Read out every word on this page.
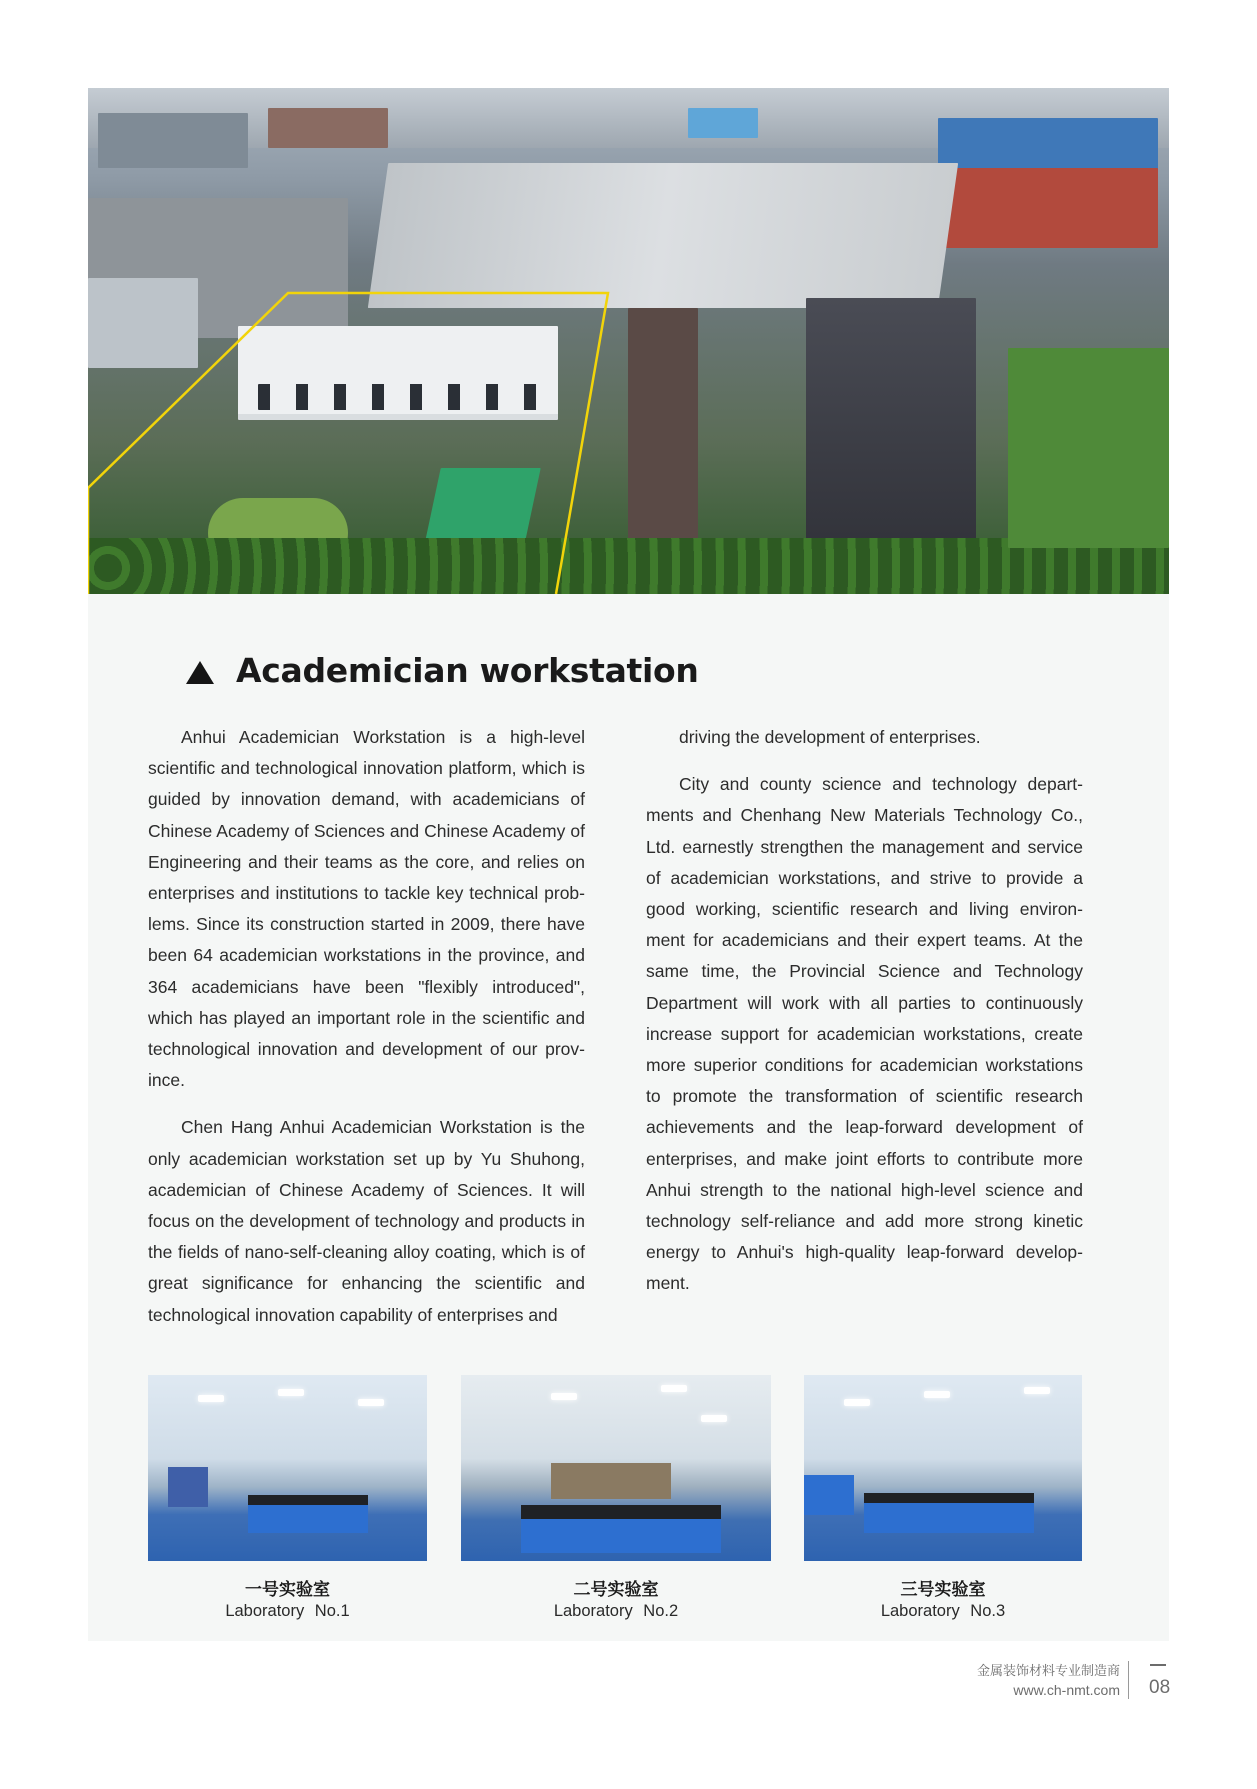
Academician workstation

Anhui Academician Workstation is a high-level scientific and technological innovation platform, which is guided by innovation demand, with academicians of Chinese Academy of Sciences and Chinese Academy of Engineering and their teams as the core, and relies on enterprises and institutions to tackle key technical prob-lems. Since its construction started in 2009, there have been 64 academician workstations in the province, and 364 academicians have been "flexibly introduced", which has played an important role in the scientific and technological innovation and development of our prov-ince.

Chen Hang Anhui Academician Workstation is the only academician workstation set up by Yu Shuhong, academician of Chinese Academy of Sciences. It will focus on the development of technology and products in the fields of nano-self-cleaning alloy coating, which is of great significance for enhancing the scientific and technological innovation capability of enterprises and

driving the development of enterprises.

City and county science and technology depart-ments and Chenhang New Materials Technology Co., Ltd. earnestly strengthen the management and service of academician workstations, and strive to provide a good working, scientific research and living environ-ment for academicians and their expert teams. At the same time, the Provincial Science and Technology Department will work with all parties to continuously increase support for academician workstations, create more superior conditions for academician workstations to promote the transformation of scientific research achievements and the leap-forward development of enterprises, and make joint efforts to contribute more Anhui strength to the national high-level science and technology self-reliance and add more strong kinetic energy to Anhui's high-quality leap-forward develop-ment.

一号实验室
Laboratory No.1
二号实验室
Laboratory No.2
三号实验室
Laboratory No.3
金属装饰材料专业制造商
www.ch-nmt.com 08
